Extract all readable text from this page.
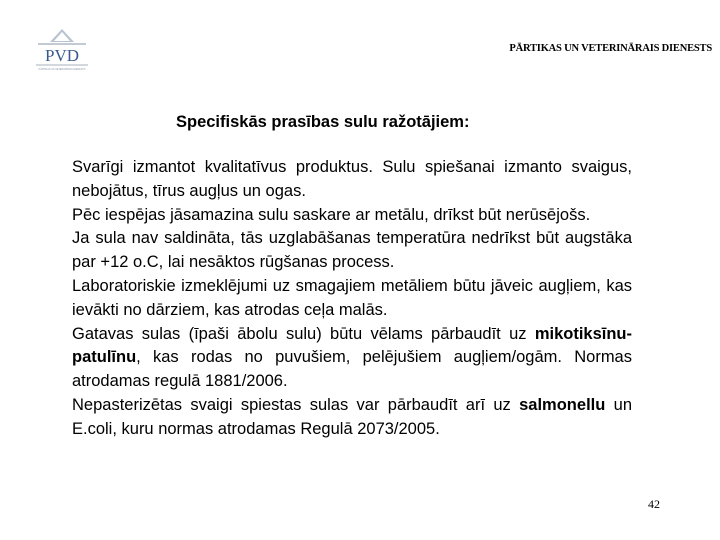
PVD
PĀRTIKAS UN VETERINĀRAIS DIENESTS
PĀRTIKAS UN VETERINĀRAIS DIENESTS
Specifiskās prasības sulu ražotājiem:

Svarīgi izmantot kvalitatīvus produktus. Sulu spiešanai izmanto svaigus, nebojātus, tīrus augļus un ogas.

Pēc iespējas jāsamazina sulu saskare ar metālu, drīkst būt nerūsējošs.

Ja sula nav saldināta, tās uzglabāšanas temperatūra nedrīkst būt augstāka par +12 o.C, lai nesāktos rūgšanas process.

Laboratoriskie izmeklējumi uz smagajiem metāliem būtu jāveic augļiem, kas ievākti no dārziem, kas atrodas ceļa malās.

Gatavas sulas (īpaši ābolu sulu) būtu vēlams pārbaudīt uz mikotiksīnu- patulīnu, kas rodas no puvušiem, pelējušiem augļiem/ogām. Normas atrodamas regulā 1881/2006.

Nepasterizētas svaigi spiestas sulas var pārbaudīt arī uz salmonellu un E.coli, kuru normas atrodamas Regulā 2073/2005.

42
